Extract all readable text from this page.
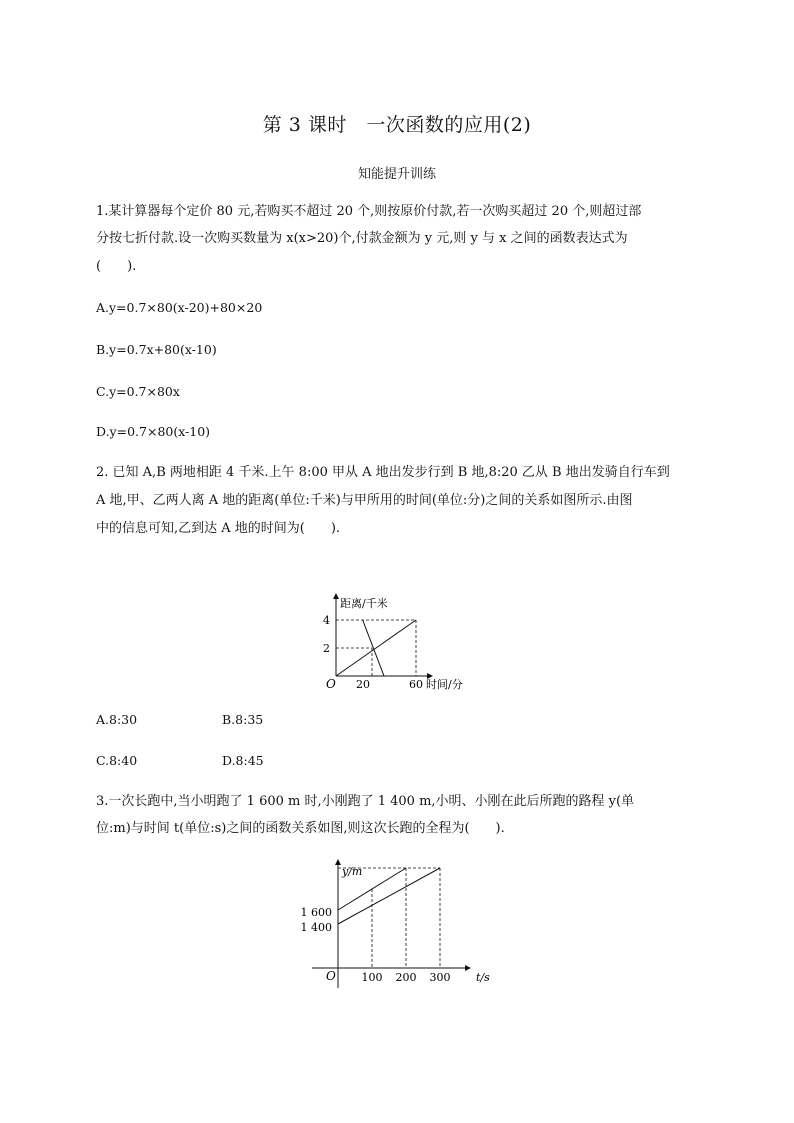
第 3 课时　一次函数的应用(2)
知能提升训练
1.某计算器每个定价 80 元,若购买不超过 20 个,则按原价付款,若一次购买超过 20 个,则超过部
分按七折付款.设一次购买数量为 x(x>20)个,付款金额为 y 元,则 y 与 x 之间的函数表达式为
(　　).
A.y=0.7×80(x-20)+80×20
B.y=0.7x+80(x-10)
C.y=0.7×80x
D.y=0.7×80(x-10)
2. 已知 A,B 两地相距 4 千米.上午 8:00 甲从 A 地出发步行到 B 地,8:20 乙从 B 地出发骑自行车到
A 地,甲、乙两人离 A 地的距离(单位:千米)与甲所用的时间(单位:分)之间的关系如图所示.由图
中的信息可知,乙到达 A 地的时间为(　　).
距离/千米
时间/分
O
2
4
20	60
A.8:30	B.8:35
C.8:40	D.8:45
3.一次长跑中,当小明跑了 1 600 m 时,小刚跑了 1 400 m,小明、小刚在此后所跑的路程 y(单
位:m)与时间 t(单位:s)之间的函数关系如图,则这次长跑的全程为(　　).
y/m
t/s
O
1 600
1 400
100 200 300
